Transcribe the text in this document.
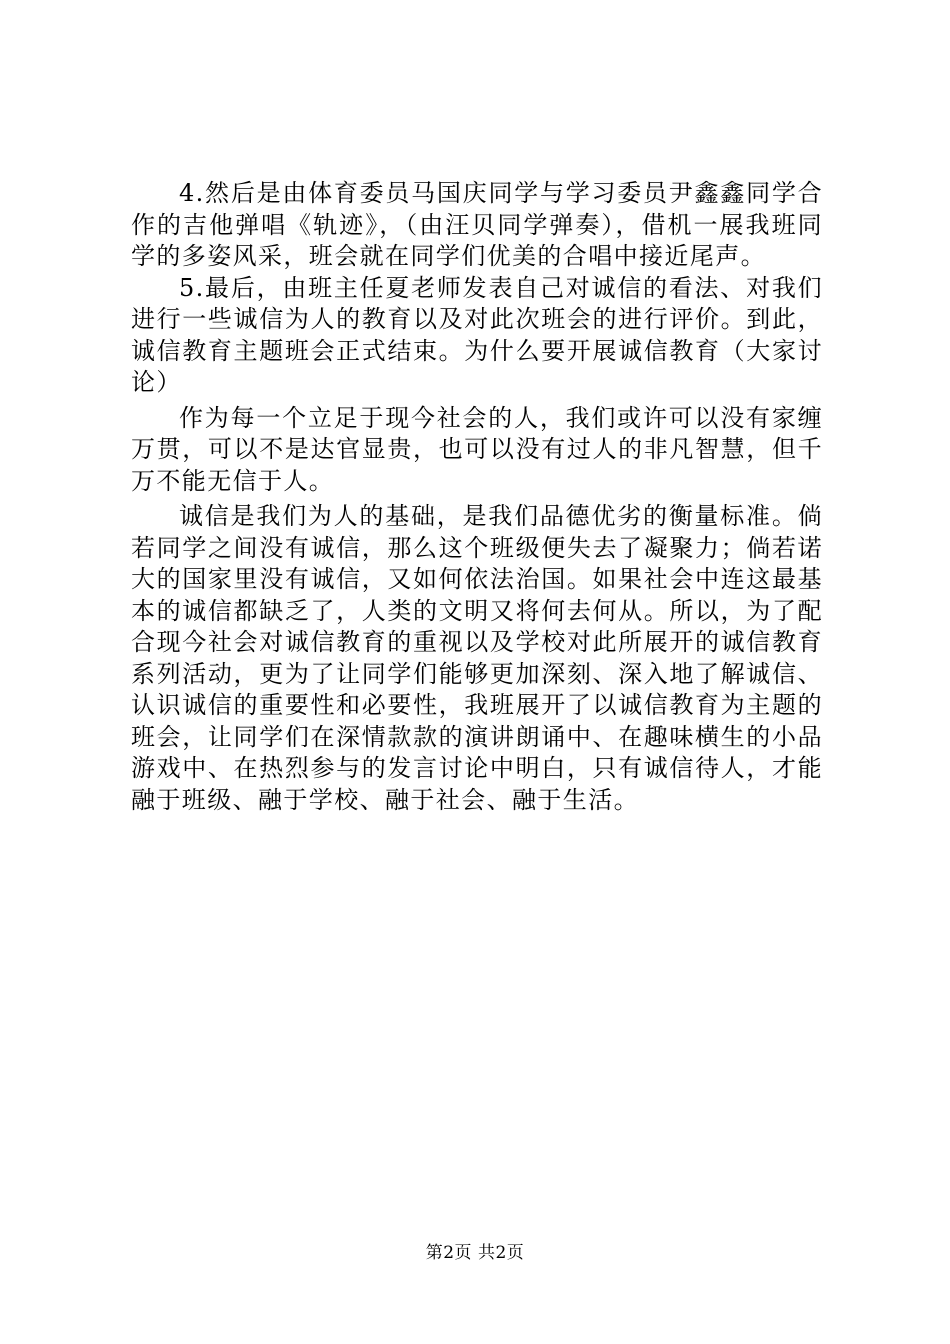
4.然后是由体育委员马国庆同学与学习委员尹鑫鑫同学合作的吉他弹唱《轨迹》，（由汪贝同学弹奏），借机一展我班同学的多姿风采，班会就在同学们优美的合唱中接近尾声。

5.最后，由班主任夏老师发表自己对诚信的看法、对我们进行一些诚信为人的教育以及对此次班会的进行评价。到此，诚信教育主题班会正式结束。为什么要开展诚信教育（大家讨论）

作为每一个立足于现今社会的人，我们或许可以没有家缠万贯，可以不是达官显贵，也可以没有过人的非凡智慧，但千万不能无信于人。

诚信是我们为人的基础，是我们品德优劣的衡量标准。倘若同学之间没有诚信，那么这个班级便失去了凝聚力；倘若诺大的国家里没有诚信，又如何依法治国。如果社会中连这最基本的诚信都缺乏了，人类的文明又将何去何从。所以，为了配合现今社会对诚信教育的重视以及学校对此所展开的诚信教育系列活动，更为了让同学们能够更加深刻、深入地了解诚信、认识诚信的重要性和必要性，我班展开了以诚信教育为主题的班会，让同学们在深情款款的演讲朗诵中、在趣味横生的小品游戏中、在热烈参与的发言讨论中明白，只有诚信待人，才能融于班级、融于学校、融于社会、融于生活。

第2页 共2页
